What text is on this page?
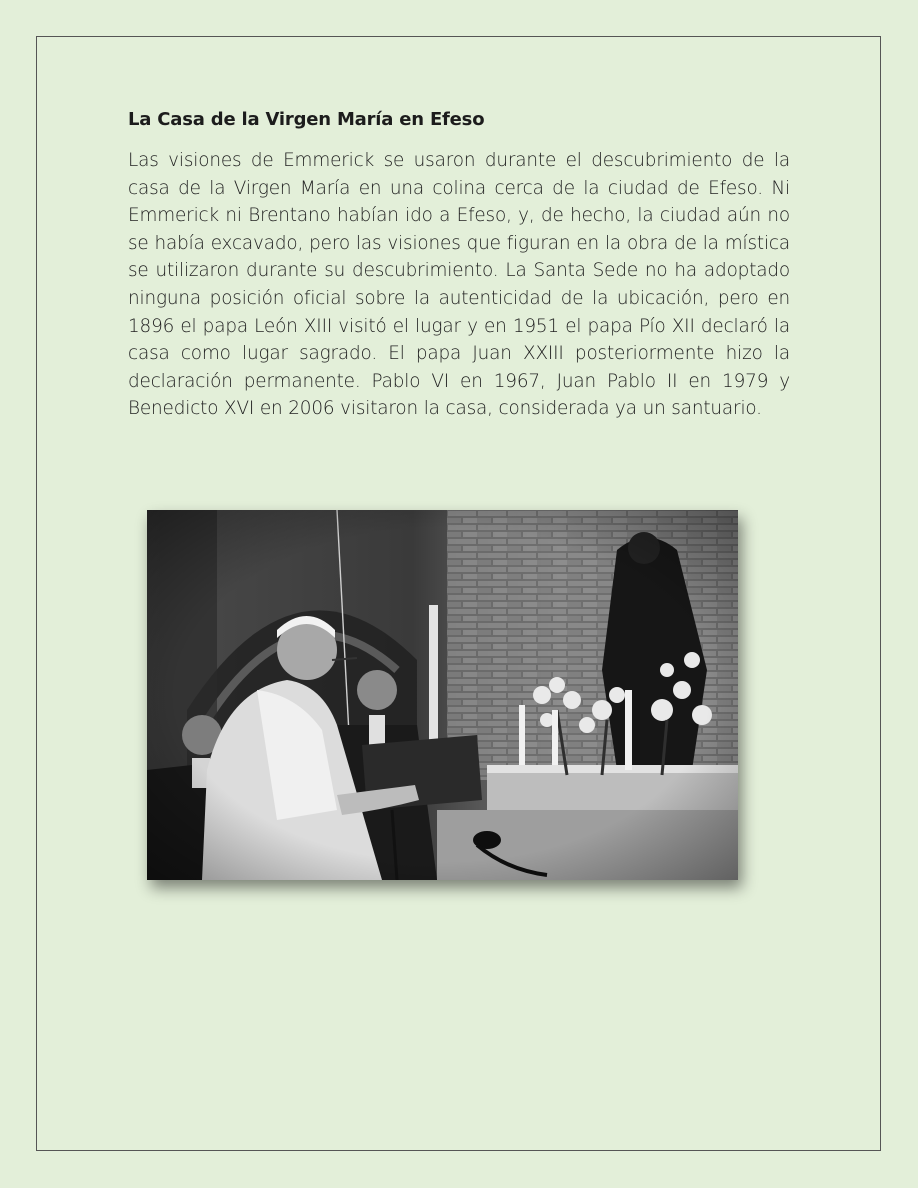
La Casa de la Virgen María en Efeso

Las visiones de Emmerick se usaron durante el descubrimiento de la casa de la Virgen María en una colina cerca de la ciudad de Efeso. Ni Emmerick ni Brentano habían ido a Efeso, y, de hecho, la ciudad aún no se había excavado, pero las visiones que figuran en la obra de la mística se utilizaron durante su descubrimiento. La Santa Sede no ha adoptado ninguna posición oficial sobre la autenticidad de la ubicación, pero en 1896 el papa León XIII visitó el lugar y en 1951 el papa Pío XII declaró la casa como lugar sagrado. El papa Juan XXIII posteriormente hizo la declaración permanente. Pablo VI en 1967, Juan Pablo II en 1979 y Benedicto XVI en 2006 visitaron la casa, considerada ya un santuario.
